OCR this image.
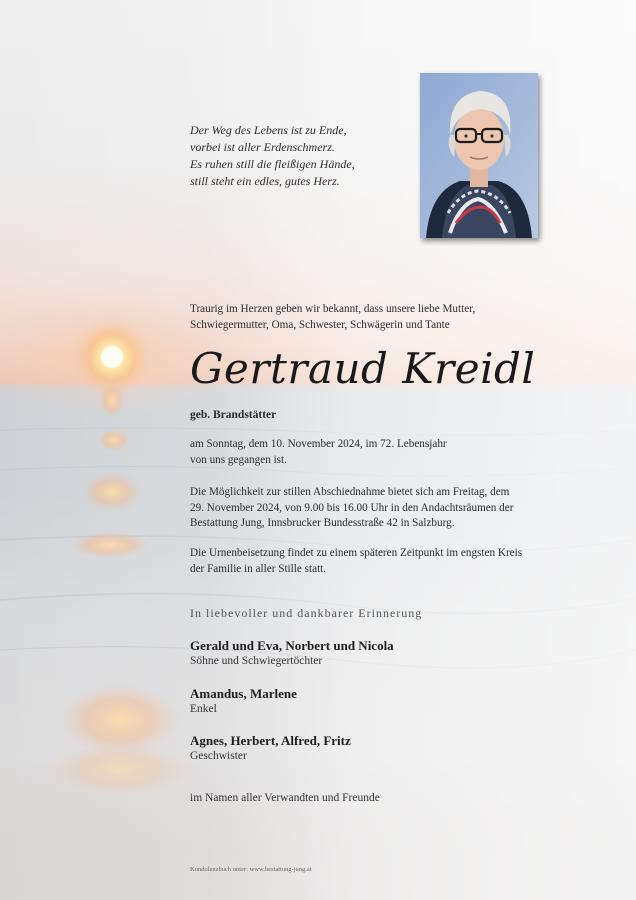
Der Weg des Lebens ist zu Ende,
vorbei ist aller Erdenschmerz.
Es ruhen still die fleißigen Hände,
still steht ein edles, gutes Herz.
Traurig im Herzen geben wir bekannt, dass unsere liebe Mutter,
Schwiegermutter, Oma, Schwester, Schwägerin und Tante
Gertraud Kreidl
geb. Brandstätter
am Sonntag, dem 10. November 2024, im 72. Lebensjahr
von uns gegangen ist.
Die Möglichkeit zur stillen Abschiednahme bietet sich am Freitag, dem
29. November 2024, von 9.00 bis 16.00 Uhr in den Andachtsräumen der
Bestattung Jung, Innsbrucker Bundesstraße 42 in Salzburg.
Die Urnenbeisetzung findet zu einem späteren Zeitpunkt im engsten Kreis
der Familie in aller Stille statt.
In liebevoller und dankbarer Erinnerung
Gerald und Eva, Norbert und Nicola
Söhne und Schwiegertöchter
Amandus, Marlene
Enkel
Agnes, Herbert, Alfred, Fritz
Geschwister
im Namen aller Verwandten und Freunde
Kondolenzbuch unter: www.bestattung-jung.at
